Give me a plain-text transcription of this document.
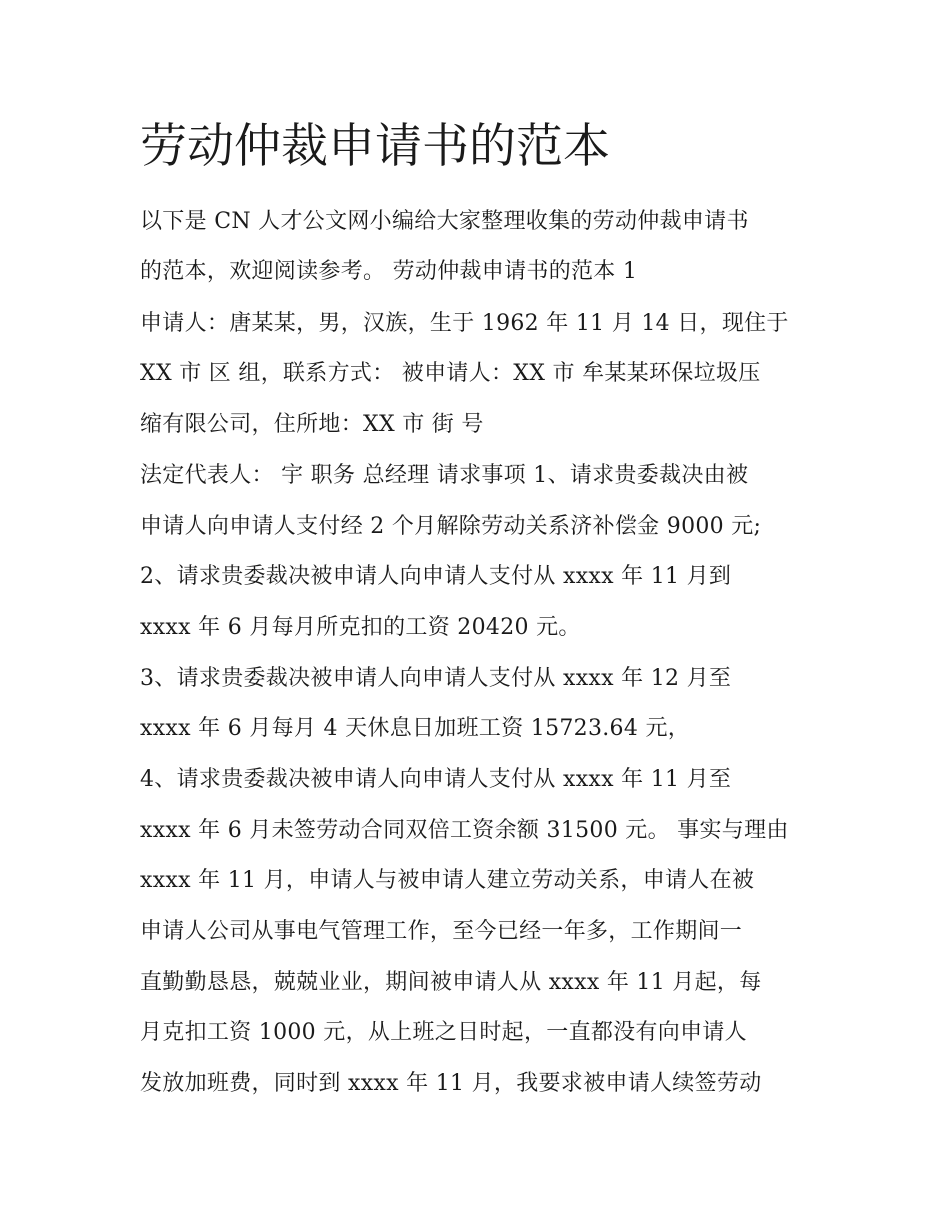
劳动仲裁申请书的范本

以下是 CN 人才公文网小编给大家整理收集的劳动仲裁申请书

的范本，欢迎阅读参考。 劳动仲裁申请书的范本 1

申请人：唐某某，男，汉族，生于 1962 年 11 月 14 日，现住于

XX 市 区 组，联系方式： 被申请人：XX 市 牟某某环保垃圾压

缩有限公司，住所地：XX 市 街 号

法定代表人： 宇 职务 总经理 请求事项 1、请求贵委裁决由被

申请人向申请人支付经 2 个月解除劳动关系济补偿金 9000 元;

2、请求贵委裁决被申请人向申请人支付从 xxxx 年 11 月到

xxxx 年 6 月每月所克扣的工资 20420 元。

3、请求贵委裁决被申请人向申请人支付从 xxxx 年 12 月至

xxxx 年 6 月每月 4 天休息日加班工资 15723.64 元，

4、请求贵委裁决被申请人向申请人支付从 xxxx 年 11 月至

xxxx 年 6 月未签劳动合同双倍工资余额 31500 元。 事实与理由

xxxx 年 11 月，申请人与被申请人建立劳动关系，申请人在被

申请人公司从事电气管理工作，至今已经一年多，工作期间一

直勤勤恳恳，兢兢业业，期间被申请人从 xxxx 年 11 月起，每

月克扣工资 1000 元，从上班之日时起，一直都没有向申请人

发放加班费，同时到 xxxx 年 11 月，我要求被申请人续签劳动
